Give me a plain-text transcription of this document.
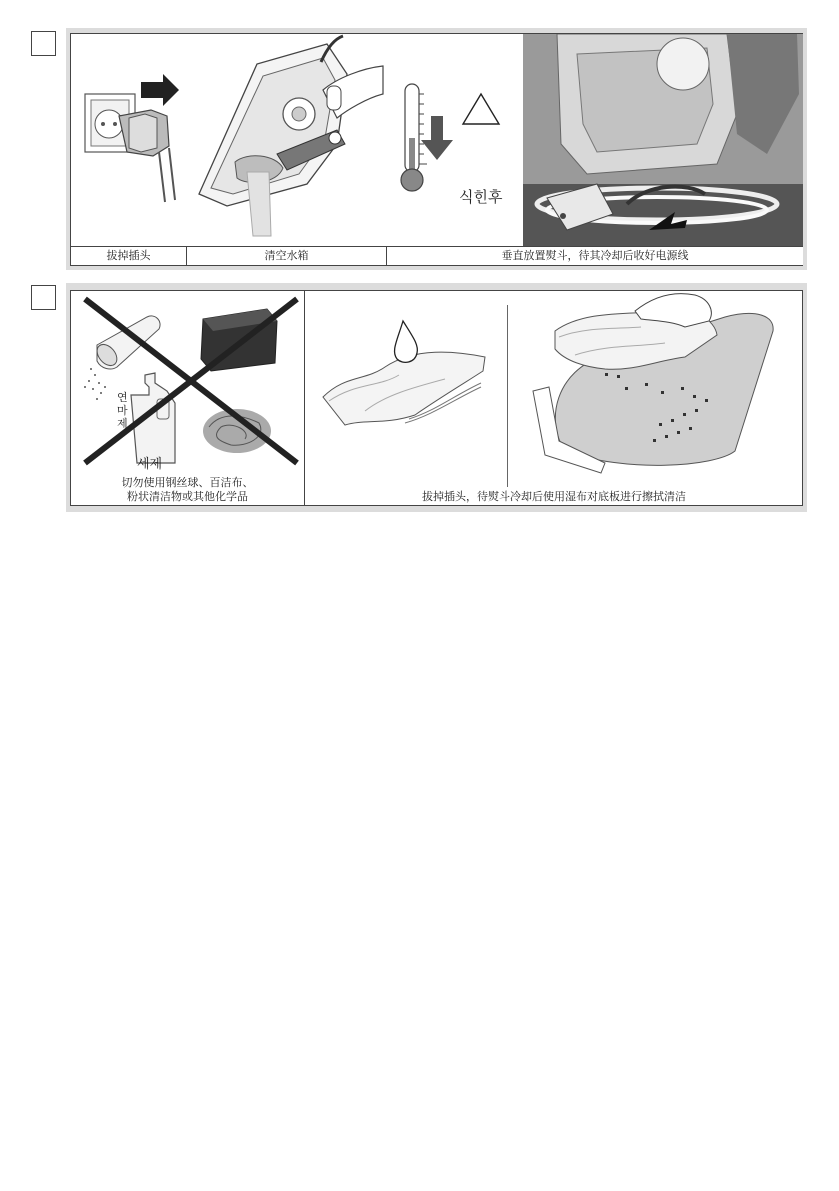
拔掉插头	清空水箱
식힌후
垂直放置熨斗，待其冷却后收好电源线
연마제
세제
切勿使用钢丝球、百洁布、
粉状清洁物或其他化学品	拔掉插头，待熨斗冷却后使用湿布对底板进行擦拭清洁
